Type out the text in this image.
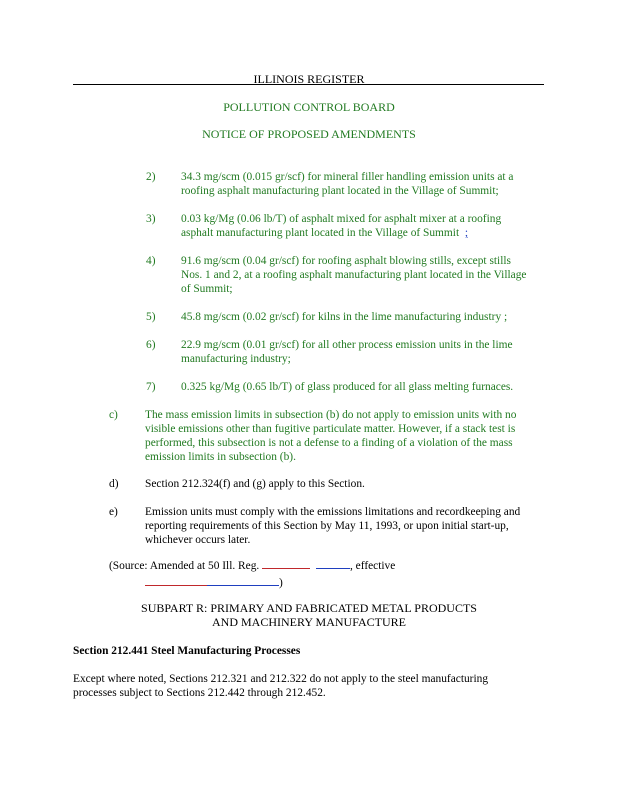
ILLINOIS REGISTER
POLLUTION CONTROL BOARD
NOTICE OF PROPOSED AMENDMENTS
2) 34.3 mg/scm (0.015 gr/scf) for mineral filler handling emission units at a roofing asphalt manufacturing plant located in the Village of Summit;

3) 0.03 kg/Mg (0.06 lb/T) of asphalt mixed for asphalt mixer at a roofing asphalt manufacturing plant located in the Village of Summit ;

4) 91.6 mg/scm (0.04 gr/scf) for roofing asphalt blowing stills, except stills Nos. 1 and 2, at a roofing asphalt manufacturing plant located in the Village of Summit;

5) 45.8 mg/scm (0.02 gr/scf) for kilns in the lime manufacturing industry ;

6) 22.9 mg/scm (0.01 gr/scf) for all other process emission units in the lime manufacturing industry;

7) 0.325 kg/Mg (0.65 lb/T) of glass produced for all glass melting furnaces.

c) The mass emission limits in subsection (b) do not apply to emission units with no visible emissions other than fugitive particulate matter. However, if a stack test is performed, this subsection is not a defense to a finding of a violation of the mass emission limits in subsection (b).

d) Section 212.324(f) and (g) apply to this Section.

e) Emission units must comply with the emissions limitations and recordkeeping and reporting requirements of this Section by May 11, 1993, or upon initial start-up, whichever occurs later.

(Source: Amended at 50 Ill. Reg.	, effective
)
SUBPART R: PRIMARY AND FABRICATED METAL PRODUCTS
AND MACHINERY MANUFACTURE
Section 212.441 Steel Manufacturing Processes
Except where noted, Sections 212.321 and 212.322 do not apply to the steel manufacturing processes subject to Sections 212.442 through 212.452.
